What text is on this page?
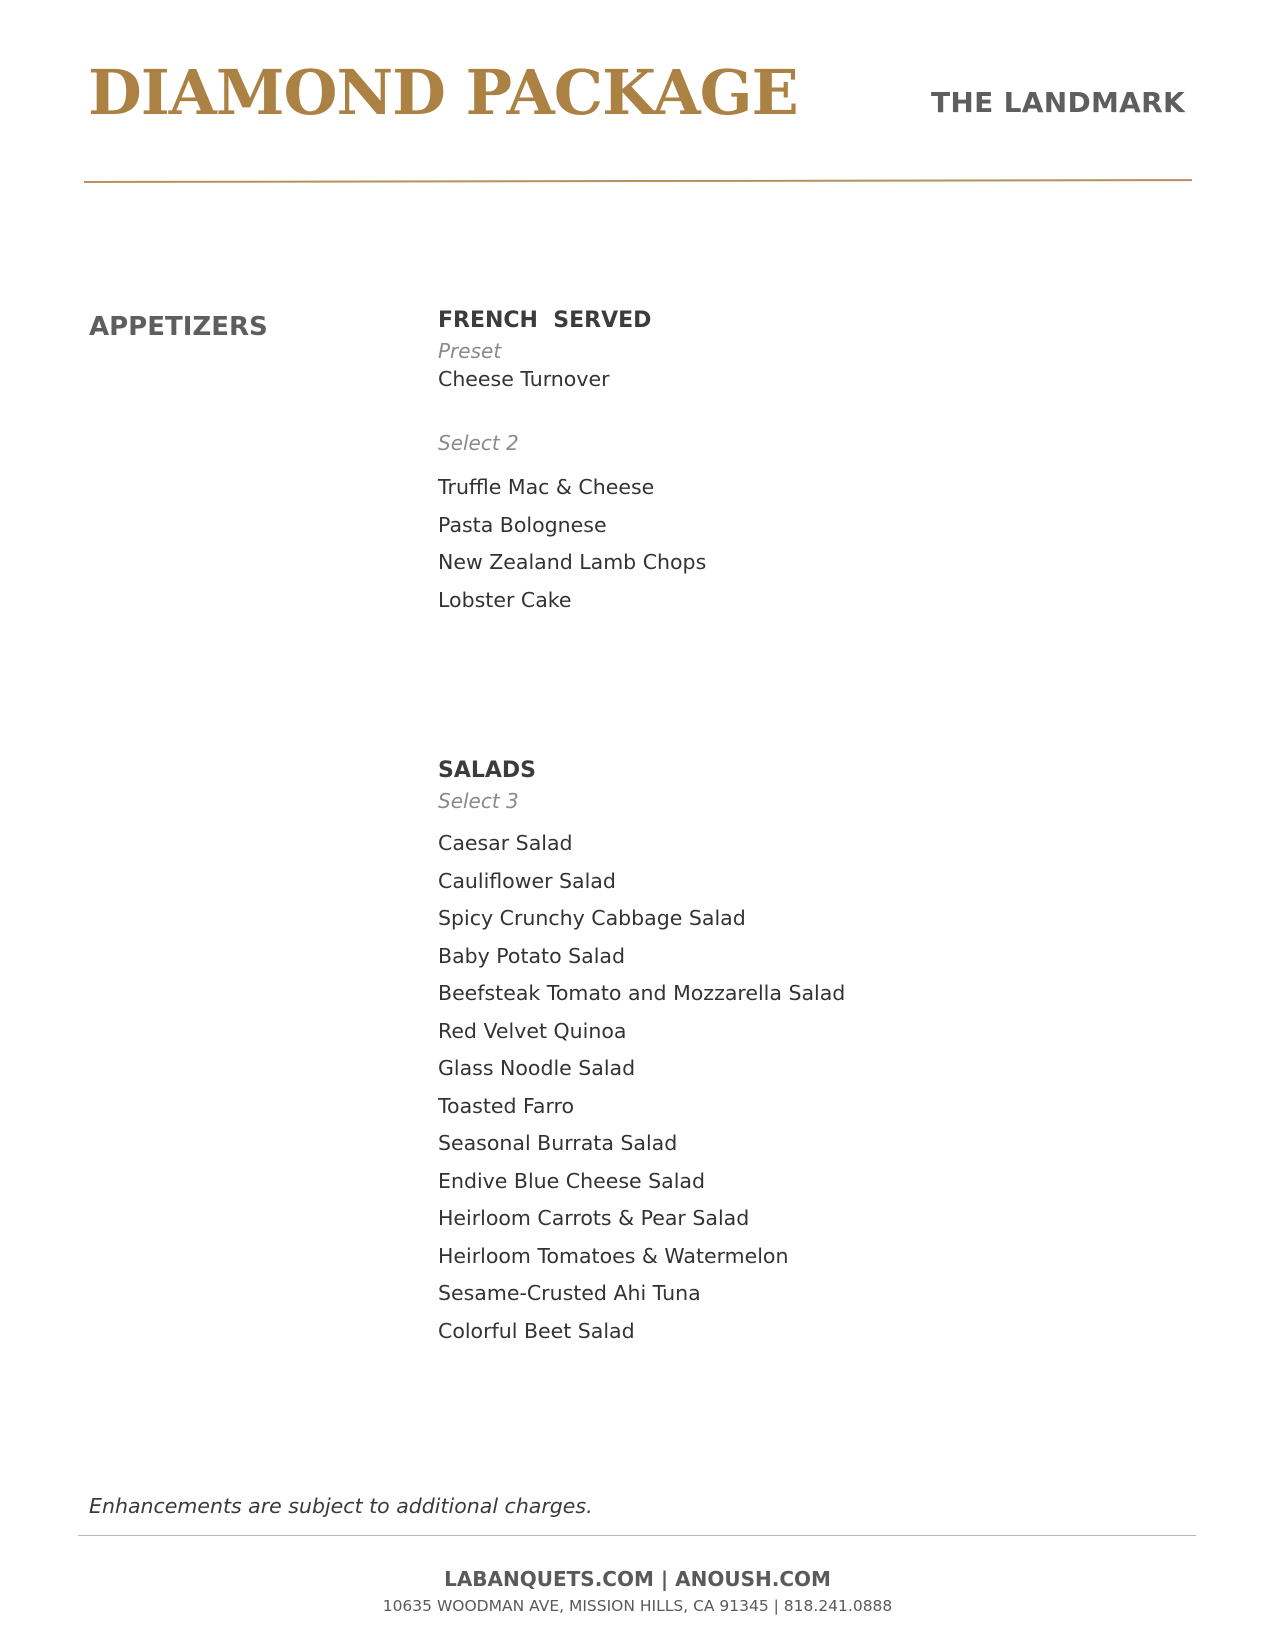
DIAMOND PACKAGE	THE LANDMARK
APPETIZERS	FRENCH  SERVED
Preset
Cheese Turnover
Select 2
Truffle Mac & Cheese
Pasta Bolognese
New Zealand Lamb Chops
Lobster Cake
SALADS
Select 3
Caesar Salad
Cauliflower Salad
Spicy Crunchy Cabbage Salad
Baby Potato Salad
Beefsteak Tomato and Mozzarella Salad
Red Velvet Quinoa
Glass Noodle Salad
Toasted Farro
Seasonal Burrata Salad
Endive Blue Cheese Salad
Heirloom Carrots & Pear Salad
Heirloom Tomatoes & Watermelon
Sesame-Crusted Ahi Tuna
Colorful Beet Salad
Enhancements are subject to additional charges.
LABANQUETS.COM | ANOUSH.COM
10635 WOODMAN AVE, MISSION HILLS, CA 91345 | 818.241.0888
